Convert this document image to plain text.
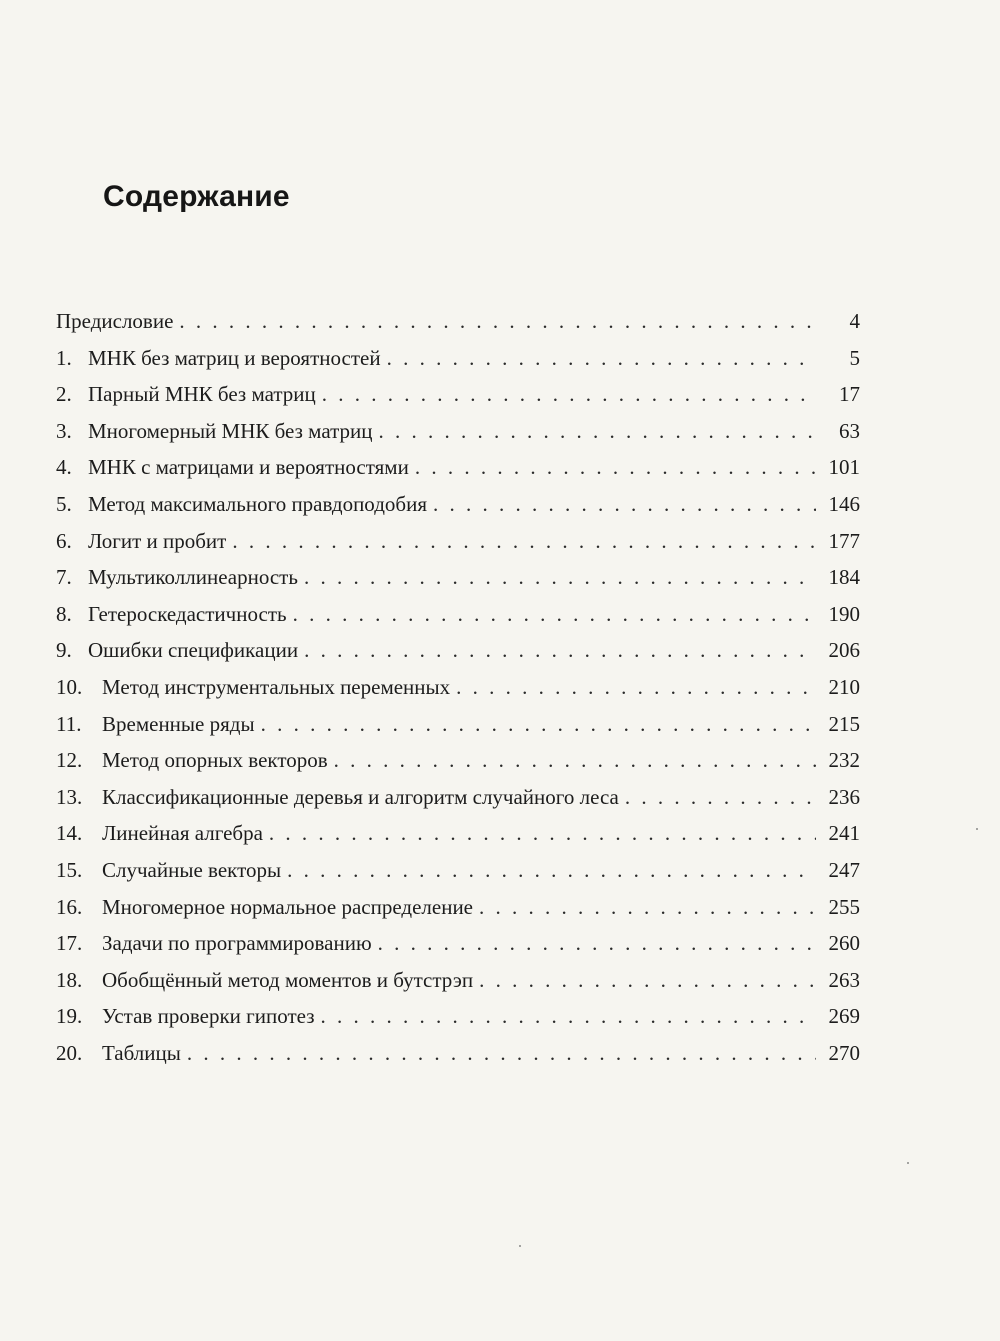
Содержание
Предисловие . . .	4
1. МНК без матриц и вероятностей . . .	5
2. Парный МНК без матриц . . .	17
3. Многомерный МНК без матриц . . .	63
4. МНК с матрицами и вероятностями . . .	101
5. Метод максимального правдоподобия . . .	146
6. Логит и пробит . . .	177
7. Мультиколлинеарность . . .	184
8. Гетероскедастичность . . .	190
9. Ошибки спецификации . . .	206
10. Метод инструментальных переменных . . .	210
11. Временные ряды . . .	215
12. Метод опорных векторов . . .	232
13. Классификационные деревья и алгоритм случайного леса . . .	236
14. Линейная алгебра . . .	241
15. Случайные векторы . . .	247
16. Многомерное нормальное распределение . . .	255
17. Задачи по программированию . . .	260
18. Обобщённый метод моментов и бутстрэп . . .	263
19. Устав проверки гипотез . . .	269
20. Таблицы . . .	270
